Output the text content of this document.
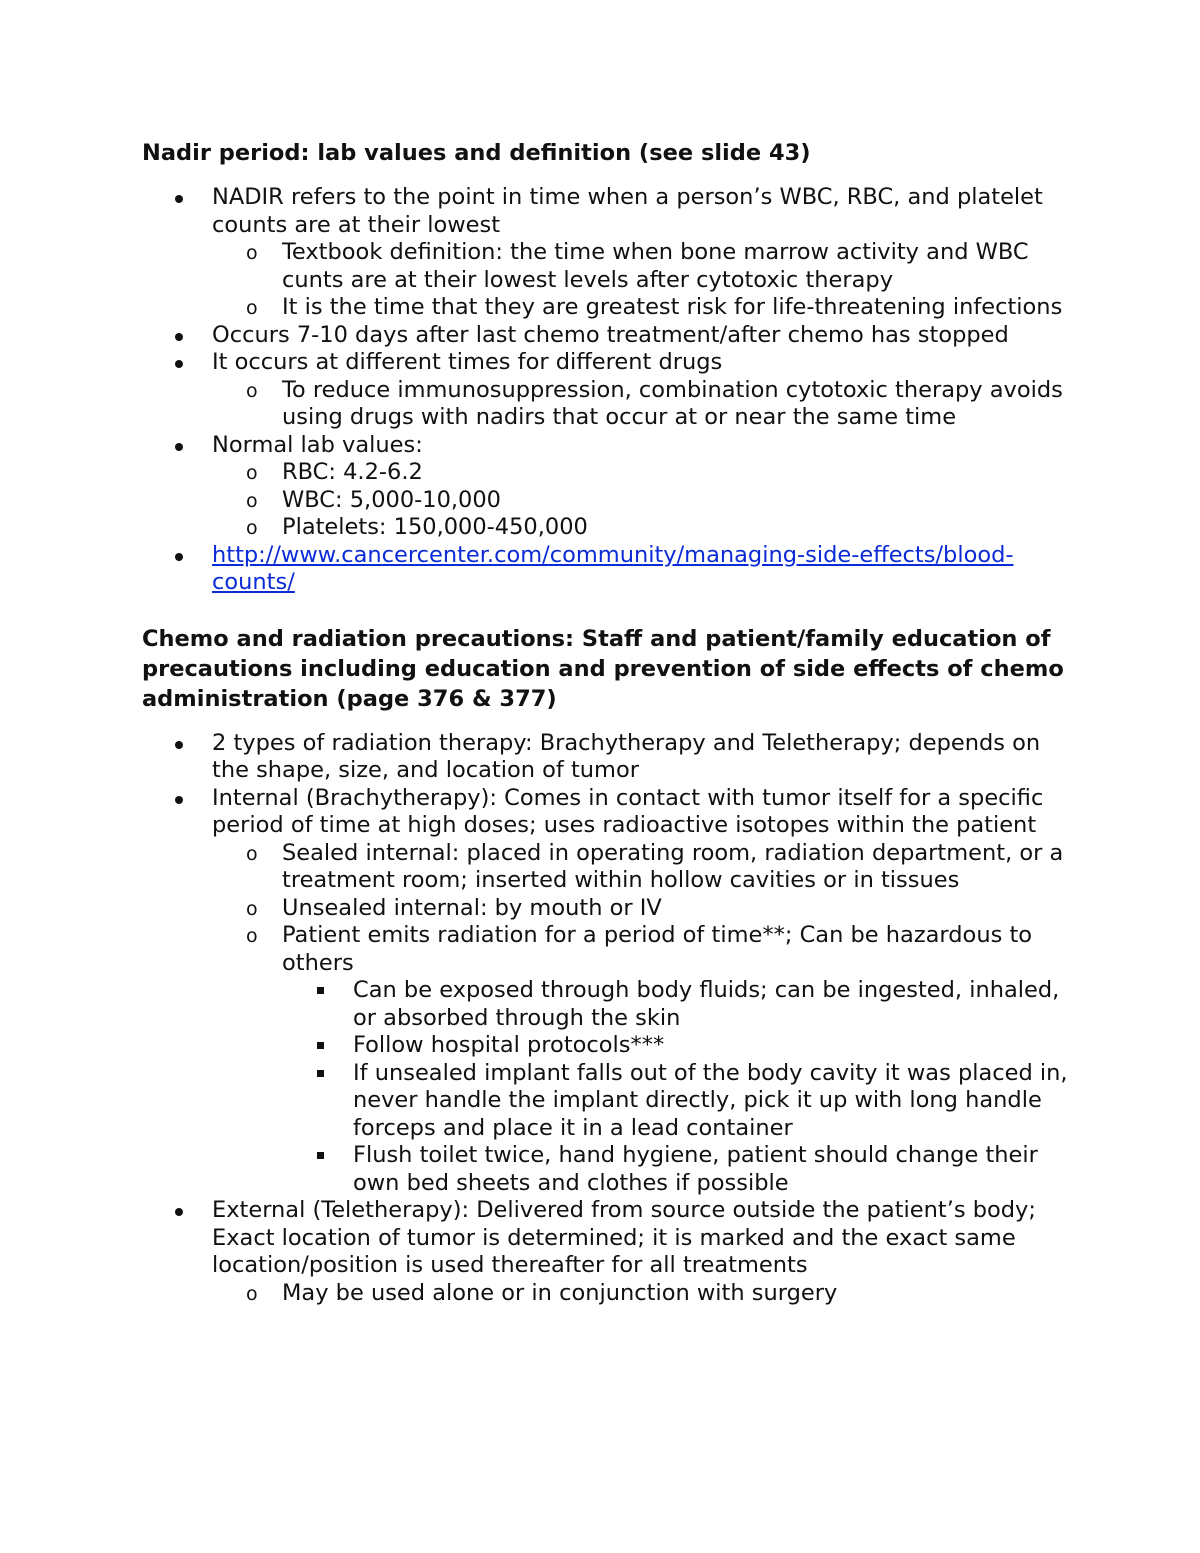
Nadir period: lab values and definition (see slide 43)

NADIR refers to the point in time when a person’s WBC, RBC, and platelet counts are at their lowest
o Textbook definition: the time when bone marrow activity and WBC cunts are at their lowest levels after cytotoxic therapy
o It is the time that they are greatest risk for life-threatening infections
Occurs 7-10 days after last chemo treatment/after chemo has stopped
It occurs at different times for different drugs
o To reduce immunosuppression, combination cytotoxic therapy avoids using drugs with nadirs that occur at or near the same time
Normal lab values:
o RBC: 4.2-6.2
o WBC: 5,000-10,000
o Platelets: 150,000-450,000
http://www.cancercenter.com/community/managing-side-effects/blood-counts/

Chemo and radiation precautions: Staff and patient/family education of precautions including education and prevention of side effects of chemo administration (page 376 & 377)

2 types of radiation therapy: Brachytherapy and Teletherapy; depends on the shape, size, and location of tumor
Internal (Brachytherapy): Comes in contact with tumor itself for a specific period of time at high doses; uses radioactive isotopes within the patient
o Sealed internal: placed in operating room, radiation department, or a treatment room; inserted within hollow cavities or in tissues
o Unsealed internal: by mouth or IV
o Patient emits radiation for a period of time**; Can be hazardous to others
Can be exposed through body fluids; can be ingested, inhaled, or absorbed through the skin
Follow hospital protocols***
If unsealed implant falls out of the body cavity it was placed in, never handle the implant directly, pick it up with long handle forceps and place it in a lead container
Flush toilet twice, hand hygiene, patient should change their own bed sheets and clothes if possible
External (Teletherapy): Delivered from source outside the patient’s body; Exact location of tumor is determined; it is marked and the exact same location/position is used thereafter for all treatments
o May be used alone or in conjunction with surgery
